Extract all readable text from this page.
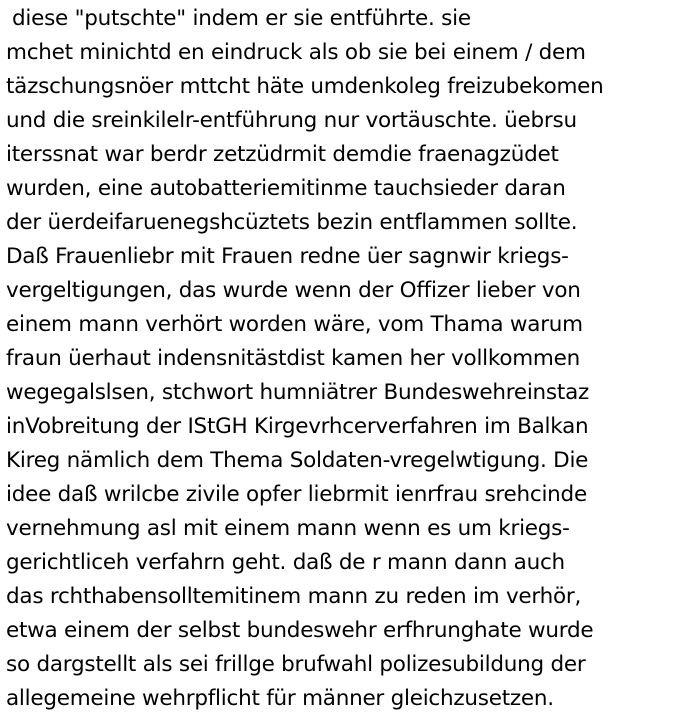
diese "putschte" indem er sie entführte. sie
mchet minichtd en eindruck als ob sie bei einem / dem
täzschungsnöer mttcht häte umdenkoleg freizubekomen
und die sreinkilelr-entführung nur vortäuschte. üebrsu
iterssnat war berdr zetzüdrmit demdie fraenagzüdet
wurden, eine autobatteriemitinme tauchsieder daran
der üerdeifaruenegshcüztets bezin entflammen sollte.
Daß Frauenliebr mit Frauen redne üer sagnwir kriegs-
vergeltigungen, das wurde wenn der Offizer lieber von
einem mann verhört worden wäre, vom Thama warum
fraun üerhaut indensnitästdist kamen her vollkommen
wegegalslsen, stchwort humniätrer Bundeswehreinstaz
inVobreitung der IStGH Kirgevrhcerverfahren im Balkan
Kireg nämlich dem Thema Soldaten-vregelwtigung. Die
idee daß wrilcbe zivile opfer liebrmit ienrfrau srehcinde
vernehmung asl mit einem mann wenn es um kriegs-
gerichtliceh verfahrn geht. daß de r mann dann auch
das rchthabensolltemitinem mann zu reden im verhör,
etwa einem der selbst bundeswehr erfhrunghate wurde
so dargstellt als sei frillge brufwahl polizesubildung der
allegemeine wehrpflicht für männer gleichzusetzen.
